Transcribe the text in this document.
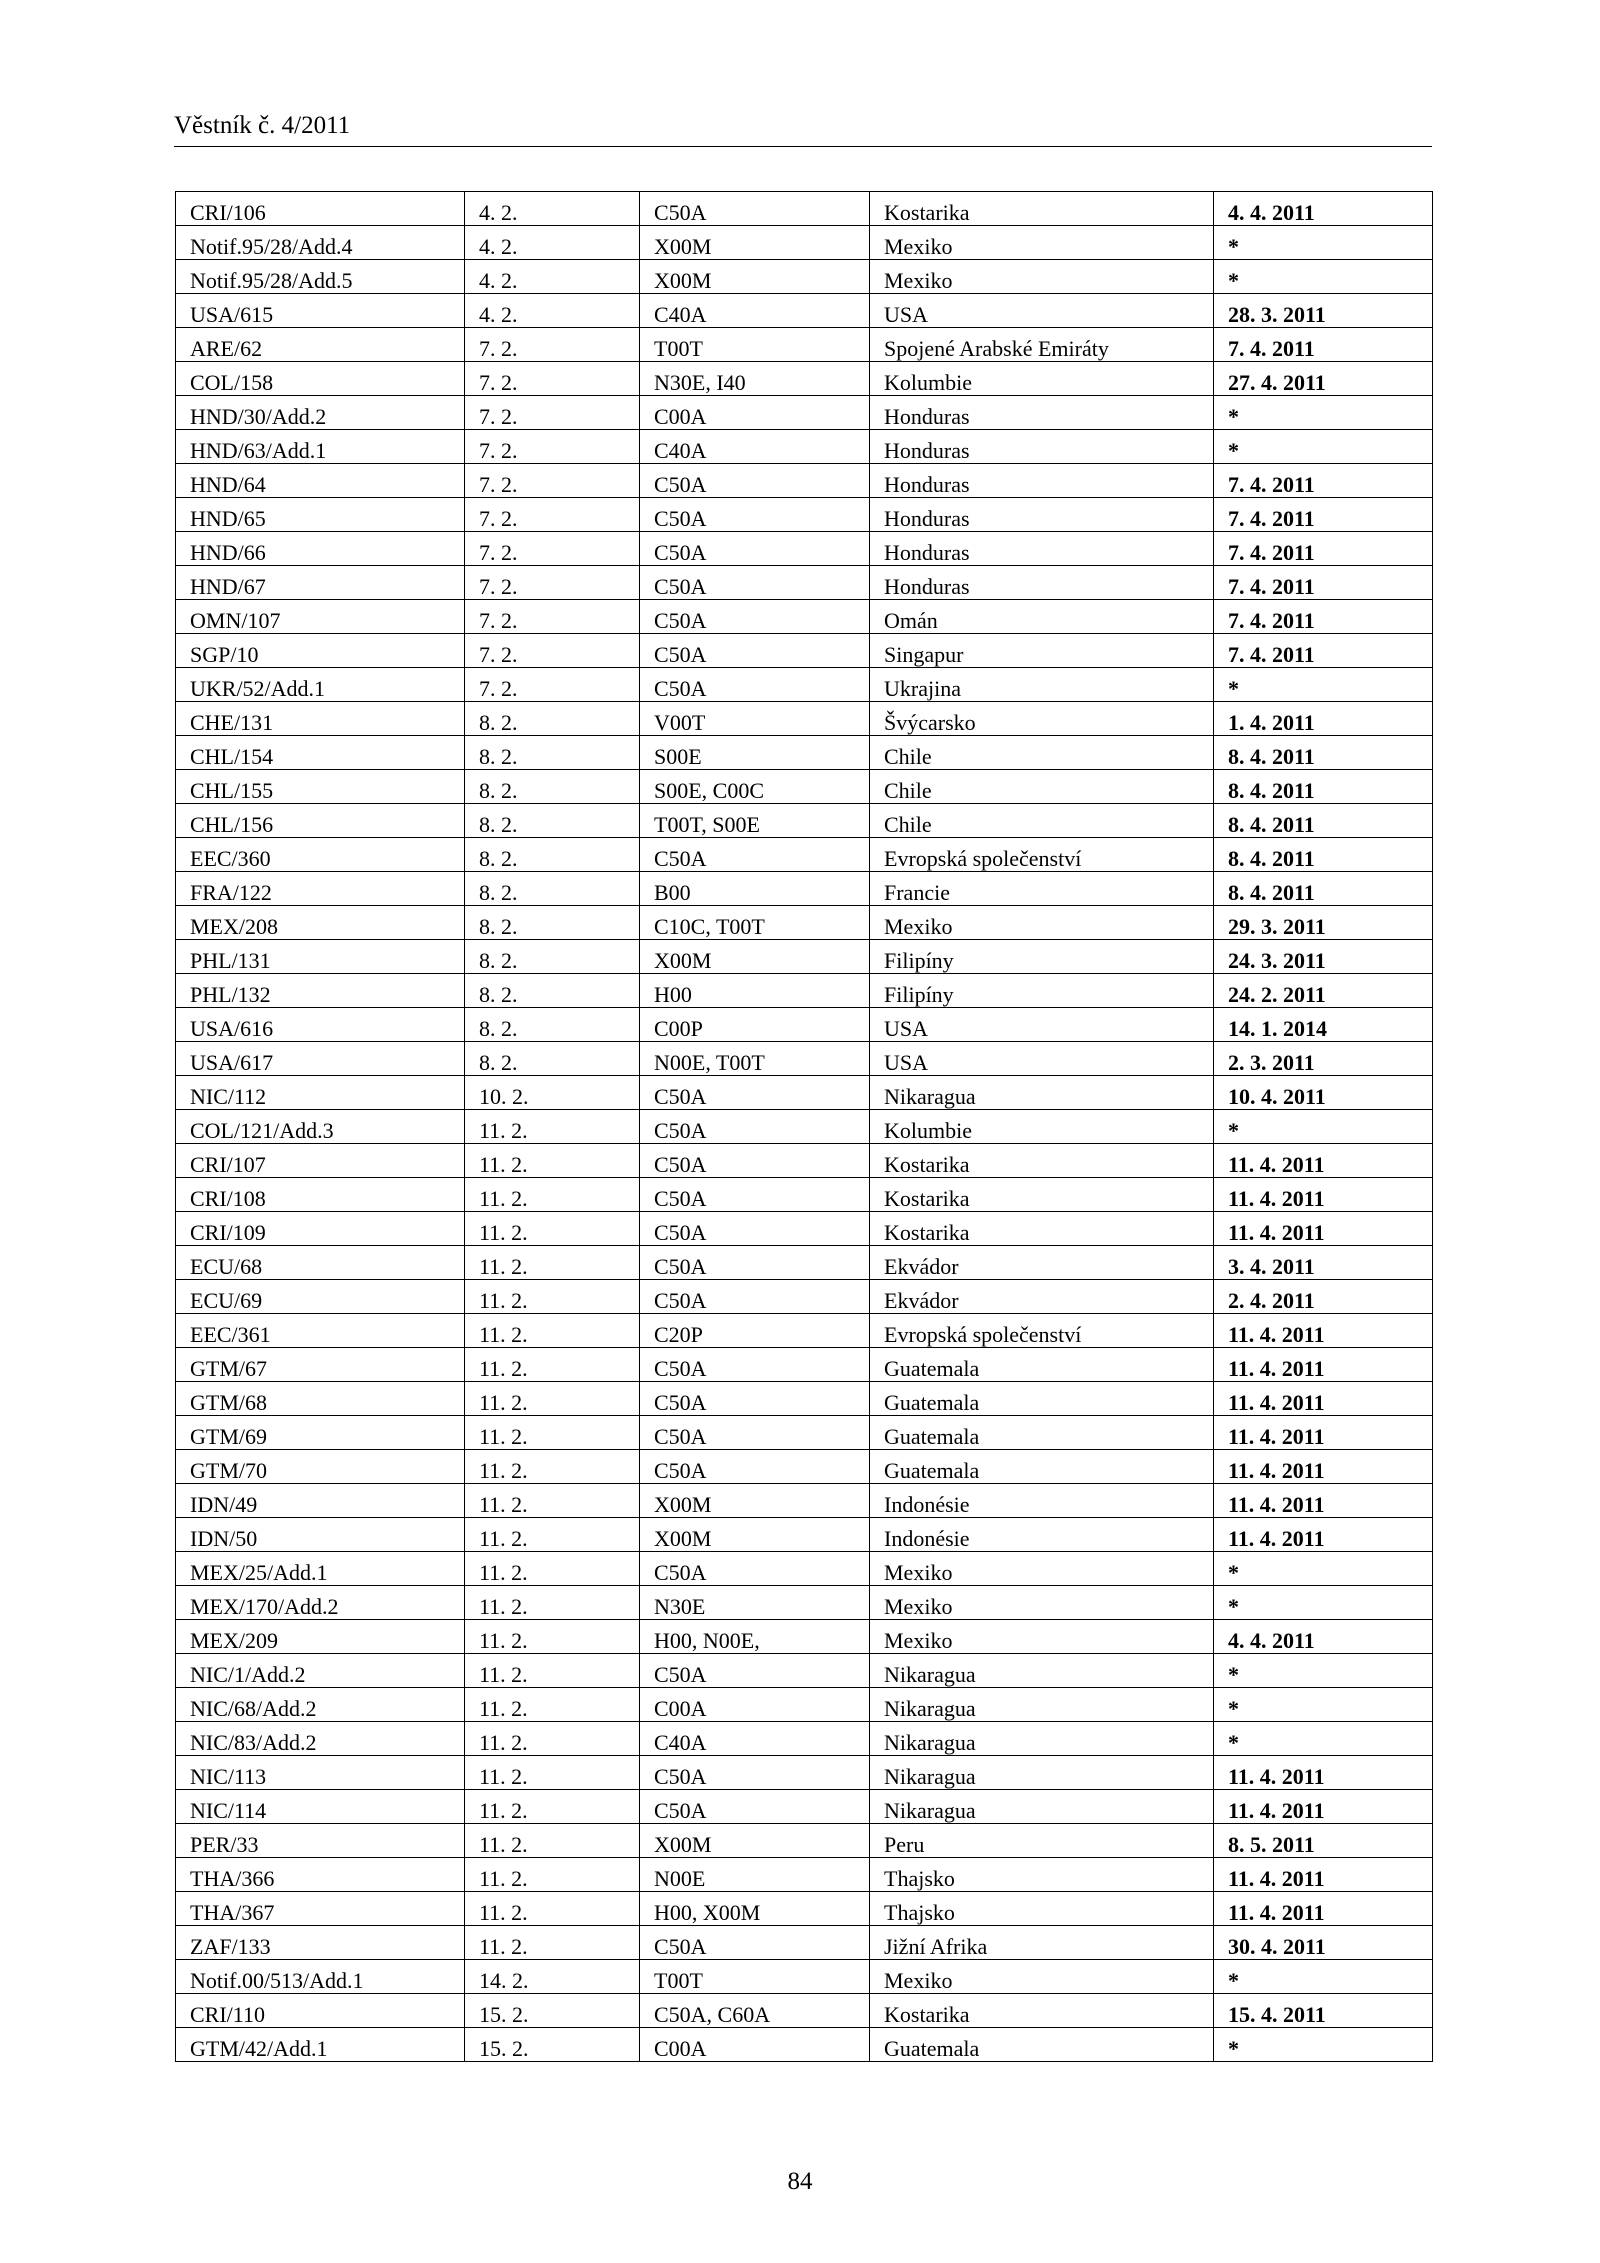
Věstník č. 4/2011
CRI/106	4. 2.	C50A	Kostarika	4. 4. 2011
Notif.95/28/Add.4	4. 2.	X00M	Mexiko	*
Notif.95/28/Add.5	4. 2.	X00M	Mexiko	*
USA/615	4. 2.	C40A	USA	28. 3. 2011
ARE/62	7. 2.	T00T	Spojené Arabské Emiráty	7. 4. 2011
COL/158	7. 2.	N30E, I40	Kolumbie	27. 4. 2011
HND/30/Add.2	7. 2.	C00A	Honduras	*
HND/63/Add.1	7. 2.	C40A	Honduras	*
HND/64	7. 2.	C50A	Honduras	7. 4. 2011
HND/65	7. 2.	C50A	Honduras	7. 4. 2011
HND/66	7. 2.	C50A	Honduras	7. 4. 2011
HND/67	7. 2.	C50A	Honduras	7. 4. 2011
OMN/107	7. 2.	C50A	Omán	7. 4. 2011
SGP/10	7. 2.	C50A	Singapur	7. 4. 2011
UKR/52/Add.1	7. 2.	C50A	Ukrajina	*
CHE/131	8. 2.	V00T	Švýcarsko	1. 4. 2011
CHL/154	8. 2.	S00E	Chile	8. 4. 2011
CHL/155	8. 2.	S00E, C00C	Chile	8. 4. 2011
CHL/156	8. 2.	T00T, S00E	Chile	8. 4. 2011
EEC/360	8. 2.	C50A	Evropská společenství	8. 4. 2011
FRA/122	8. 2.	B00	Francie	8. 4. 2011
MEX/208	8. 2.	C10C, T00T	Mexiko	29. 3. 2011
PHL/131	8. 2.	X00M	Filipíny	24. 3. 2011
PHL/132	8. 2.	H00	Filipíny	24. 2. 2011
USA/616	8. 2.	C00P	USA	14. 1. 2014
USA/617	8. 2.	N00E, T00T	USA	2. 3. 2011
NIC/112	10. 2.	C50A	Nikaragua	10. 4. 2011
COL/121/Add.3	11. 2.	C50A	Kolumbie	*
CRI/107	11. 2.	C50A	Kostarika	11. 4. 2011
CRI/108	11. 2.	C50A	Kostarika	11. 4. 2011
CRI/109	11. 2.	C50A	Kostarika	11. 4. 2011
ECU/68	11. 2.	C50A	Ekvádor	3. 4. 2011
ECU/69	11. 2.	C50A	Ekvádor	2. 4. 2011
EEC/361	11. 2.	C20P	Evropská společenství	11. 4. 2011
GTM/67	11. 2.	C50A	Guatemala	11. 4. 2011
GTM/68	11. 2.	C50A	Guatemala	11. 4. 2011
GTM/69	11. 2.	C50A	Guatemala	11. 4. 2011
GTM/70	11. 2.	C50A	Guatemala	11. 4. 2011
IDN/49	11. 2.	X00M	Indonésie	11. 4. 2011
IDN/50	11. 2.	X00M	Indonésie	11. 4. 2011
MEX/25/Add.1	11. 2.	C50A	Mexiko	*
MEX/170/Add.2	11. 2.	N30E	Mexiko	*
MEX/209	11. 2.	H00, N00E,	Mexiko	4. 4. 2011
NIC/1/Add.2	11. 2.	C50A	Nikaragua	*
NIC/68/Add.2	11. 2.	C00A	Nikaragua	*
NIC/83/Add.2	11. 2.	C40A	Nikaragua	*
NIC/113	11. 2.	C50A	Nikaragua	11. 4. 2011
NIC/114	11. 2.	C50A	Nikaragua	11. 4. 2011
PER/33	11. 2.	X00M	Peru	8. 5. 2011
THA/366	11. 2.	N00E	Thajsko	11. 4. 2011
THA/367	11. 2.	H00, X00M	Thajsko	11. 4. 2011
ZAF/133	11. 2.	C50A	Jižní Afrika	30. 4. 2011
Notif.00/513/Add.1	14. 2.	T00T	Mexiko	*
CRI/110	15. 2.	C50A, C60A	Kostarika	15. 4. 2011
GTM/42/Add.1	15. 2.	C00A	Guatemala	*
84
